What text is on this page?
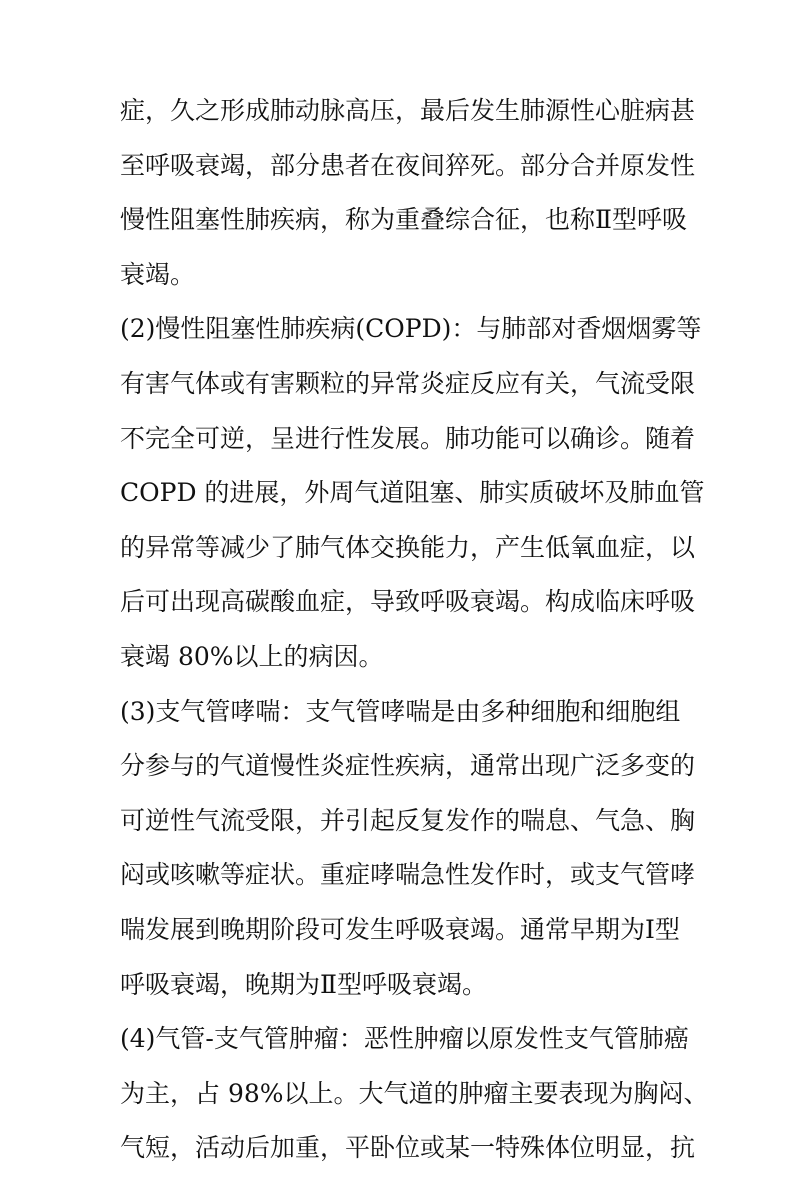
症，久之形成肺动脉高压，最后发生肺源性心脏病甚
至呼吸衰竭，部分患者在夜间猝死。部分合并原发性
慢性阻塞性肺疾病，称为重叠综合征，也称Ⅱ型呼吸
衰竭。
(2)慢性阻塞性肺疾病(COPD)：与肺部对香烟烟雾等
有害气体或有害颗粒的异常炎症反应有关，气流受限
不完全可逆，呈进行性发展。肺功能可以确诊。随着
COPD 的进展，外周气道阻塞、肺实质破坏及肺血管
的异常等减少了肺气体交换能力，产生低氧血症，以
后可出现高碳酸血症，导致呼吸衰竭。构成临床呼吸
衰竭 80%以上的病因。
(3)支气管哮喘：支气管哮喘是由多种细胞和细胞组
分参与的气道慢性炎症性疾病，通常出现广泛多变的
可逆性气流受限，并引起反复发作的喘息、气急、胸
闷或咳嗽等症状。重症哮喘急性发作时，或支气管哮
喘发展到晚期阶段可发生呼吸衰竭。通常早期为Ⅰ型
呼吸衰竭，晚期为Ⅱ型呼吸衰竭。
(4)气管-支气管肿瘤：恶性肿瘤以原发性支气管肺癌
为主，占 98%以上。大气道的肿瘤主要表现为胸闷、
气短，活动后加重，平卧位或某一特殊体位明显，抗
